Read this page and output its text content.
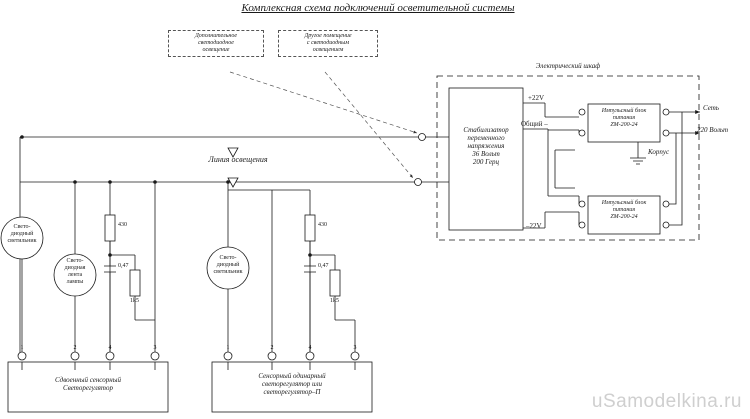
Комплексная схема подключений осветительной системы
Дополнительное
светодиодное
освещение
Другое помещение
с светодиодным
освещением
Электрический шкаф
Стабилизатор
переменного
напряжения
36 Вольт
200 Герц
+22V
Общий –
–22V
Импульсный блок
питания
ZM-200-24
Импульсный блок
питания
ZM-200-24
Корпус
Сеть
220 Вольт
Линия освещения
Свето-
диодный
светильник
Свето-
диодная
лента
лампы
430
0,47
1k5
1	2	4	3
Сдвоенный сенсорный
Светорегулятор
Свето-
диодный
светильник
430
0,47
1k5
1	2	4	3
Сенсорный одинарный
светорегулятор или
светорегулятор–П	uSamodelkina.ru
